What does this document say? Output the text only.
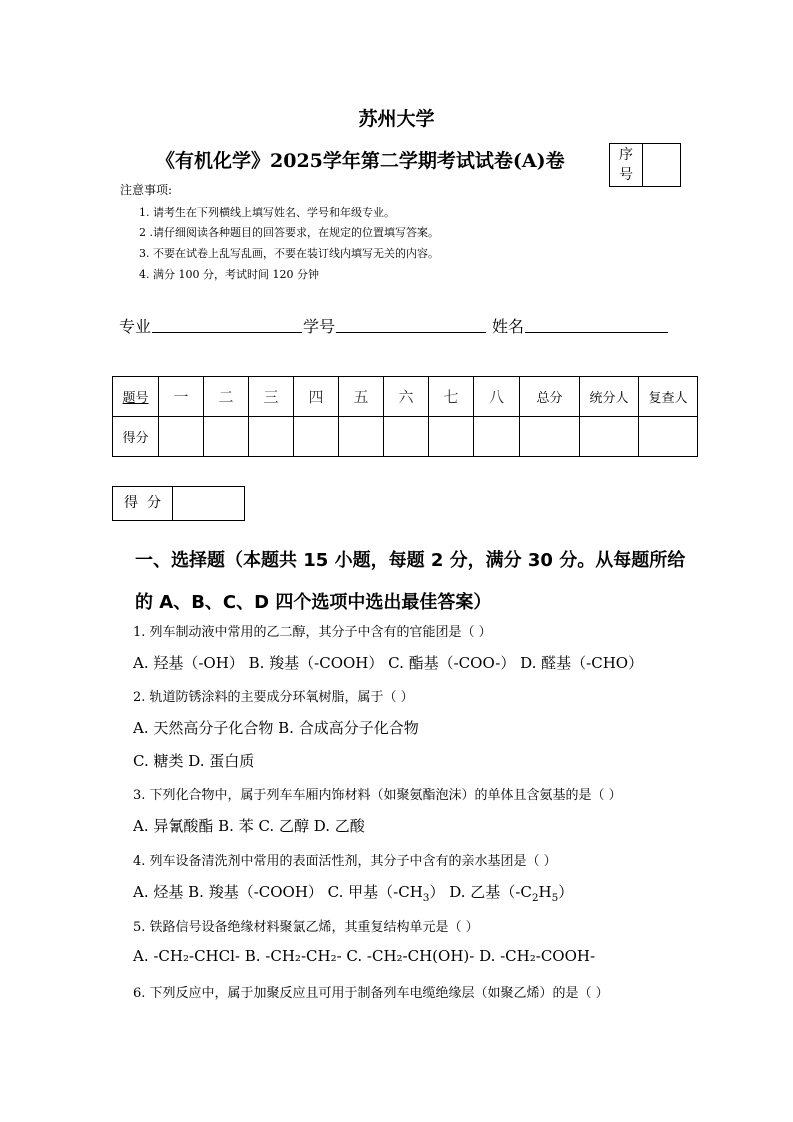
苏州大学
《有机化学》2025学年第二学期考试试卷(A)卷	序
号
注意事项:
1. 请考生在下列横线上填写姓名、学号和年级专业。
2 .请仔细阅读各种题目的回答要求，在规定的位置填写答案。
3. 不要在试卷上乱写乱画，不要在装订线内填写无关的内容。
4. 满分 100 分，考试时间 120 分钟
专业	学号	姓名
题号	一	二	三	四	五	六	七	八	总分	统分人	复查人
得分											
得  分
一、选择题（本题共 15 小题，每题 2 分，满分 30 分。从每题所给
的 A、B、C、D 四个选项中选出最佳答案）
1. 列车制动液中常用的乙二醇，其分子中含有的官能团是（ ）
A. 羟基（-OH） B. 羧基（-COOH） C. 酯基（-COO-） D. 醛基（-CHO）
2. 轨道防锈涂料的主要成分环氧树脂，属于（ ）
A. 天然高分子化合物 B. 合成高分子化合物
C. 糖类 D. 蛋白质
3. 下列化合物中，属于列车车厢内饰材料（如聚氨酯泡沫）的单体且含氨基的是（ ）
A. 异氰酸酯 B. 苯 C. 乙醇 D. 乙酸
4. 列车设备清洗剂中常用的表面活性剂，其分子中含有的亲水基团是（ ）
A. 烃基 B. 羧基（-COOH） C. 甲基$(-CH_3)$ D. 乙基$(-C_2H_5)$
5. 铁路信号设备绝缘材料聚氯乙烯，其重复结构单元是（ ）
A. -CH₂-CHCl- B. -CH₂-CH₂- C. -CH₂-CH(OH)- D. -CH₂-COOH-
6. 下列反应中，属于加聚反应且可用于制备列车电缆绝缘层（如聚乙烯）的是（ ）
